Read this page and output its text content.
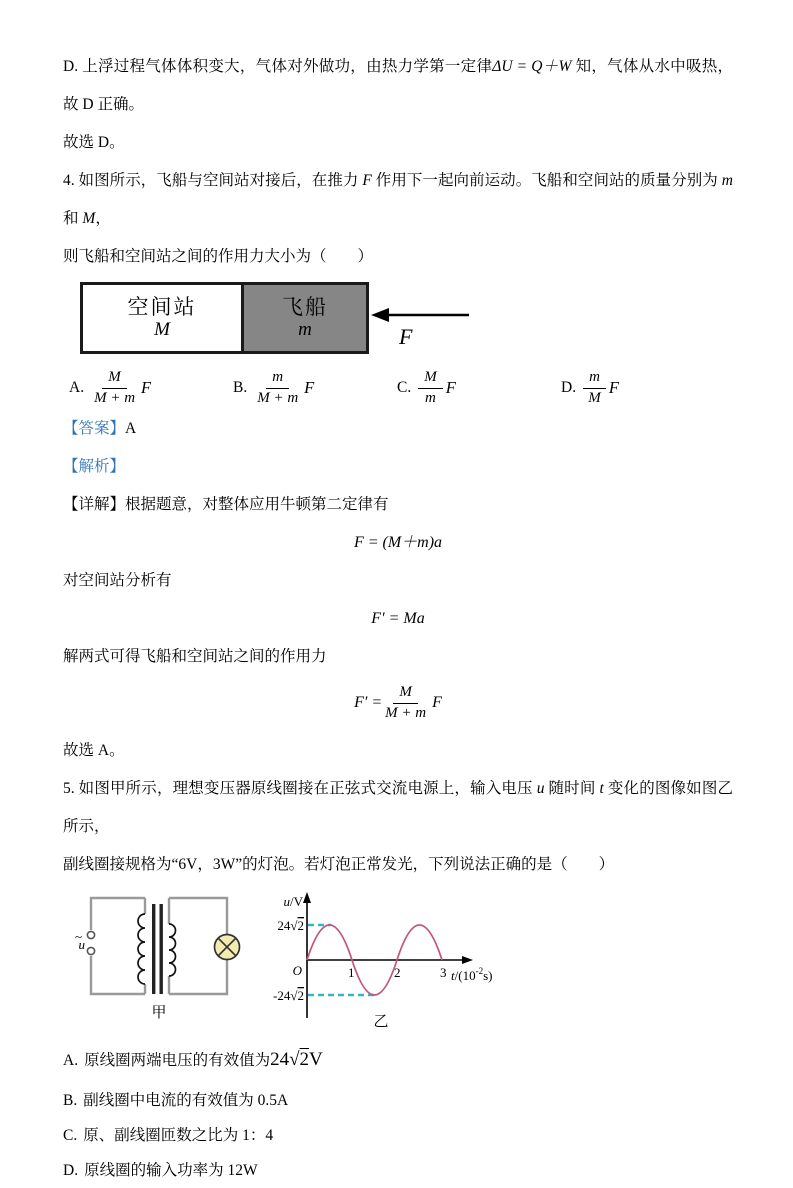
D. 上浮过程气体体积变大，气体对外做功，由热力学第一定律ΔU = Q＋W 知，气体从水中吸热，故 D 正确。

故选 D。

4. 如图所示，飞船与空间站对接后，在推力 F 作用下一起向前运动。飞船和空间站的质量分别为 m 和 M，

则飞船和空间站之间的作用力大小为（　　）

空间站
M
飞船
m	F
A. $\frac{M}{M + m}$ F	B. $\frac{m}{M + m}$ F	C. $\frac{M}{m}$ F	D. $\frac{m}{M}$ F

【答案】A

【解析】

【详解】根据题意，对整体应用牛顿第二定律有

F = (M＋m)a

对空间站分析有

F′ = Ma

解两式可得飞船和空间站之间的作用力

$F' = \frac{M}{M + m}$ F

故选 A。

5. 如图甲所示，理想变压器原线圈接在正弦式交流电源上，输入电压 u 随时间 t 变化的图像如图乙所示，

副线圈接规格为“6V，3W”的灯泡。若灯泡正常发光，下列说法正确的是（　　）

u~
甲
u/V
24√2
-24√2
O	1	2	3 $t/(10^{-2}s)$
乙

A. 原线圈两端电压的有效值为24√2V

B. 副线圈中电流的有效值为 0.5A

C. 原、副线圈匝数之比为 1：4

D. 原线圈的输入功率为 12W
